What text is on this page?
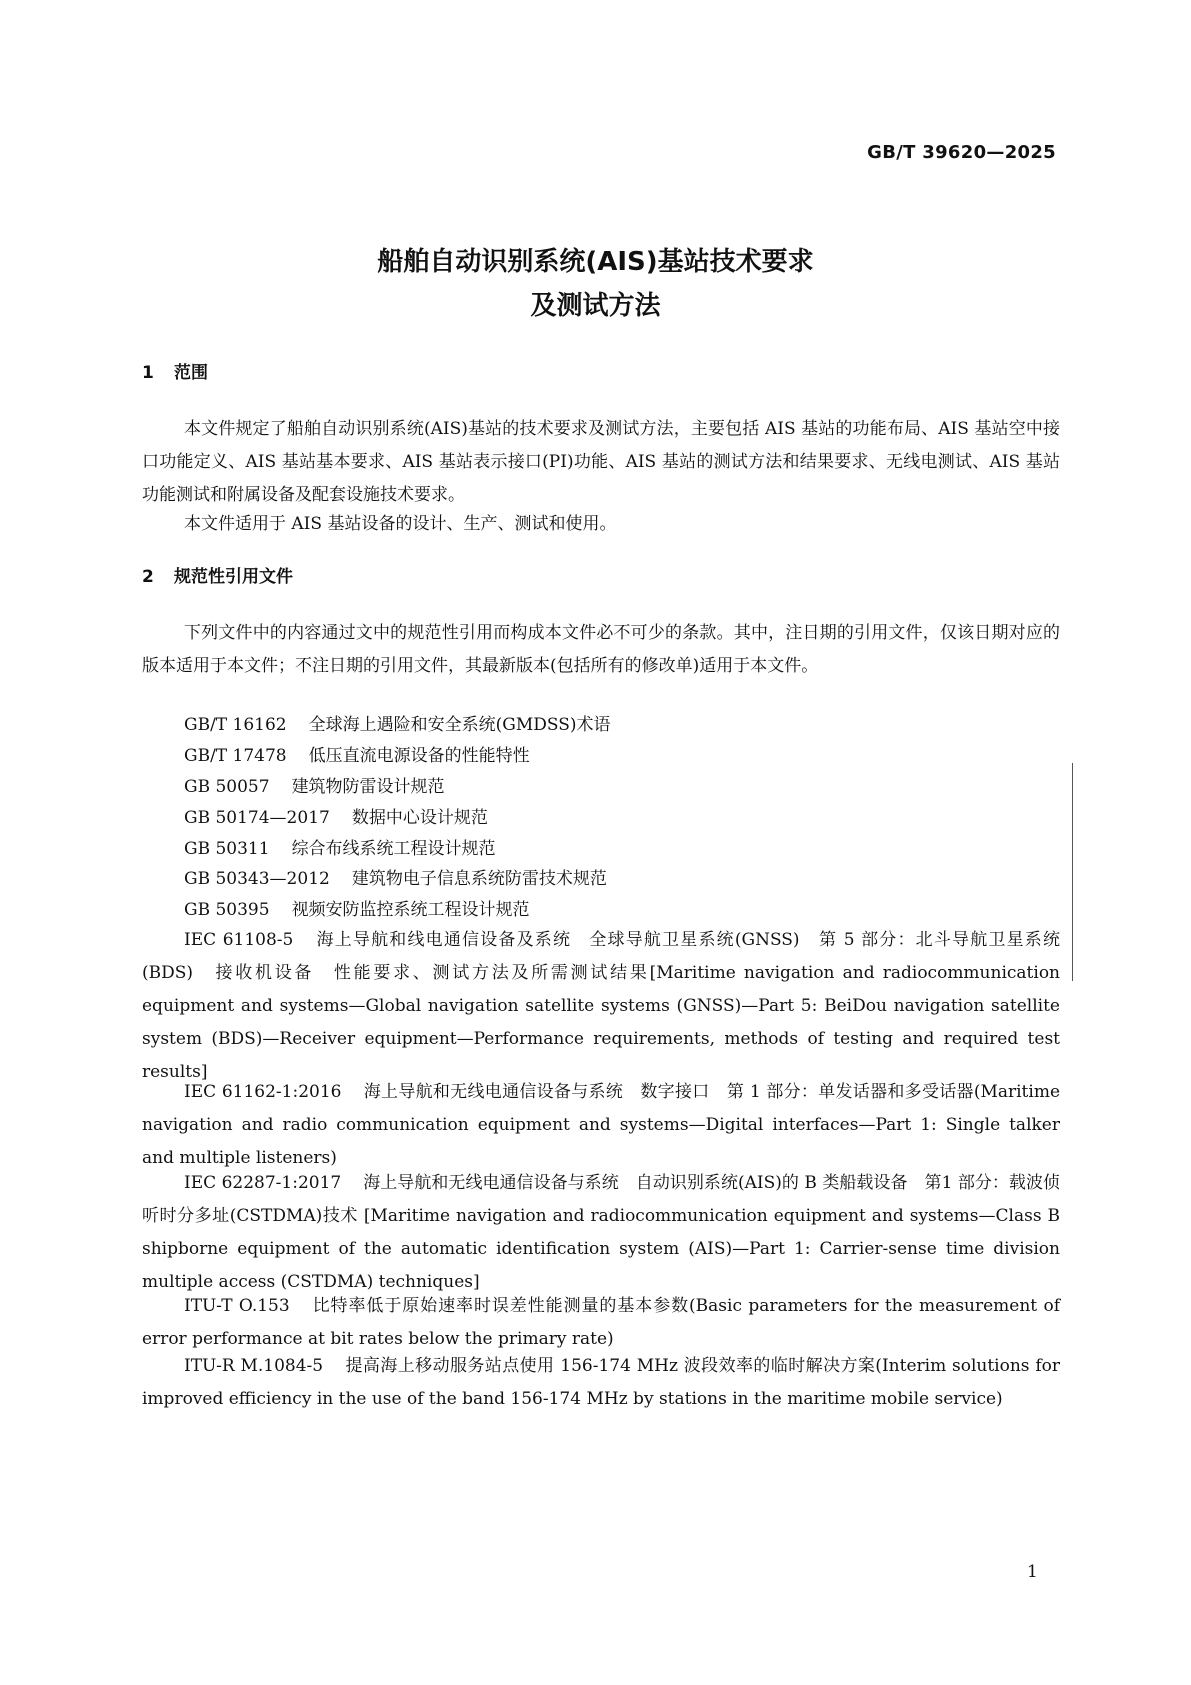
GB/T 39620—2025

船舶自动识别系统(AIS)基站技术要求
及测试方法
1 范围

本文件规定了船舶自动识别系统(AIS)基站的技术要求及测试方法，主要包括 AIS 基站的功能布局、AIS 基站空中接口功能定义、AIS 基站基本要求、AIS 基站表示接口(PI)功能、AIS 基站的测试方法和结果要求、无线电测试、AIS 基站功能测试和附属设备及配套设施技术要求。

本文件适用于 AIS 基站设备的设计、生产、测试和使用。

2 规范性引用文件

下列文件中的内容通过文中的规范性引用而构成本文件必不可少的条款。其中，注日期的引用文件，仅该日期对应的版本适用于本文件；不注日期的引用文件，其最新版本(包括所有的修改单)适用于本文件。

GB/T 16162 全球海上遇险和安全系统(GMDSS)术语

GB/T 17478 低压直流电源设备的性能特性

GB 50057 建筑物防雷设计规范

GB 50174—2017 数据中心设计规范

GB 50311 综合布线系统工程设计规范

GB 50343—2012 建筑物电子信息系统防雷技术规范

GB 50395 视频安防监控系统工程设计规范

IEC 61108-5 海上导航和线电通信设备及系统　全球导航卫星系统(GNSS)　第 5 部分：北斗导航卫星系统(BDS)　接收机设备　性能要求、测试方法及所需测试结果[Maritime navigation and radiocommunication equipment and systems—Global navigation satellite systems (GNSS)—Part 5: BeiDou navigation satellite system (BDS)—Receiver equipment—Performance requirements, methods of testing and required test results]

IEC 61162-1:2016 海上导航和无线电通信设备与系统　数字接口　第 1 部分：单发话器和多受话器(Maritime navigation and radio communication equipment and systems—Digital interfaces—Part 1: Single talker and multiple listeners)

IEC 62287-1:2017 海上导航和无线电通信设备与系统　自动识别系统(AIS)的 B 类船载设备　第1 部分：载波侦听时分多址(CSTDMA)技术 [Maritime navigation and radiocommunication equipment and systems—Class B shipborne equipment of the automatic identification system (AIS)—Part 1: Carrier-sense time division multiple access (CSTDMA) techniques]

ITU-T O.153 比特率低于原始速率时误差性能测量的基本参数(Basic parameters for the measurement of error performance at bit rates below the primary rate)

ITU-R M.1084-5 提高海上移动服务站点使用 156-174 MHz 波段效率的临时解决方案(Interim solutions for improved efficiency in the use of the band 156-174 MHz by stations in the maritime mobile service)

1
